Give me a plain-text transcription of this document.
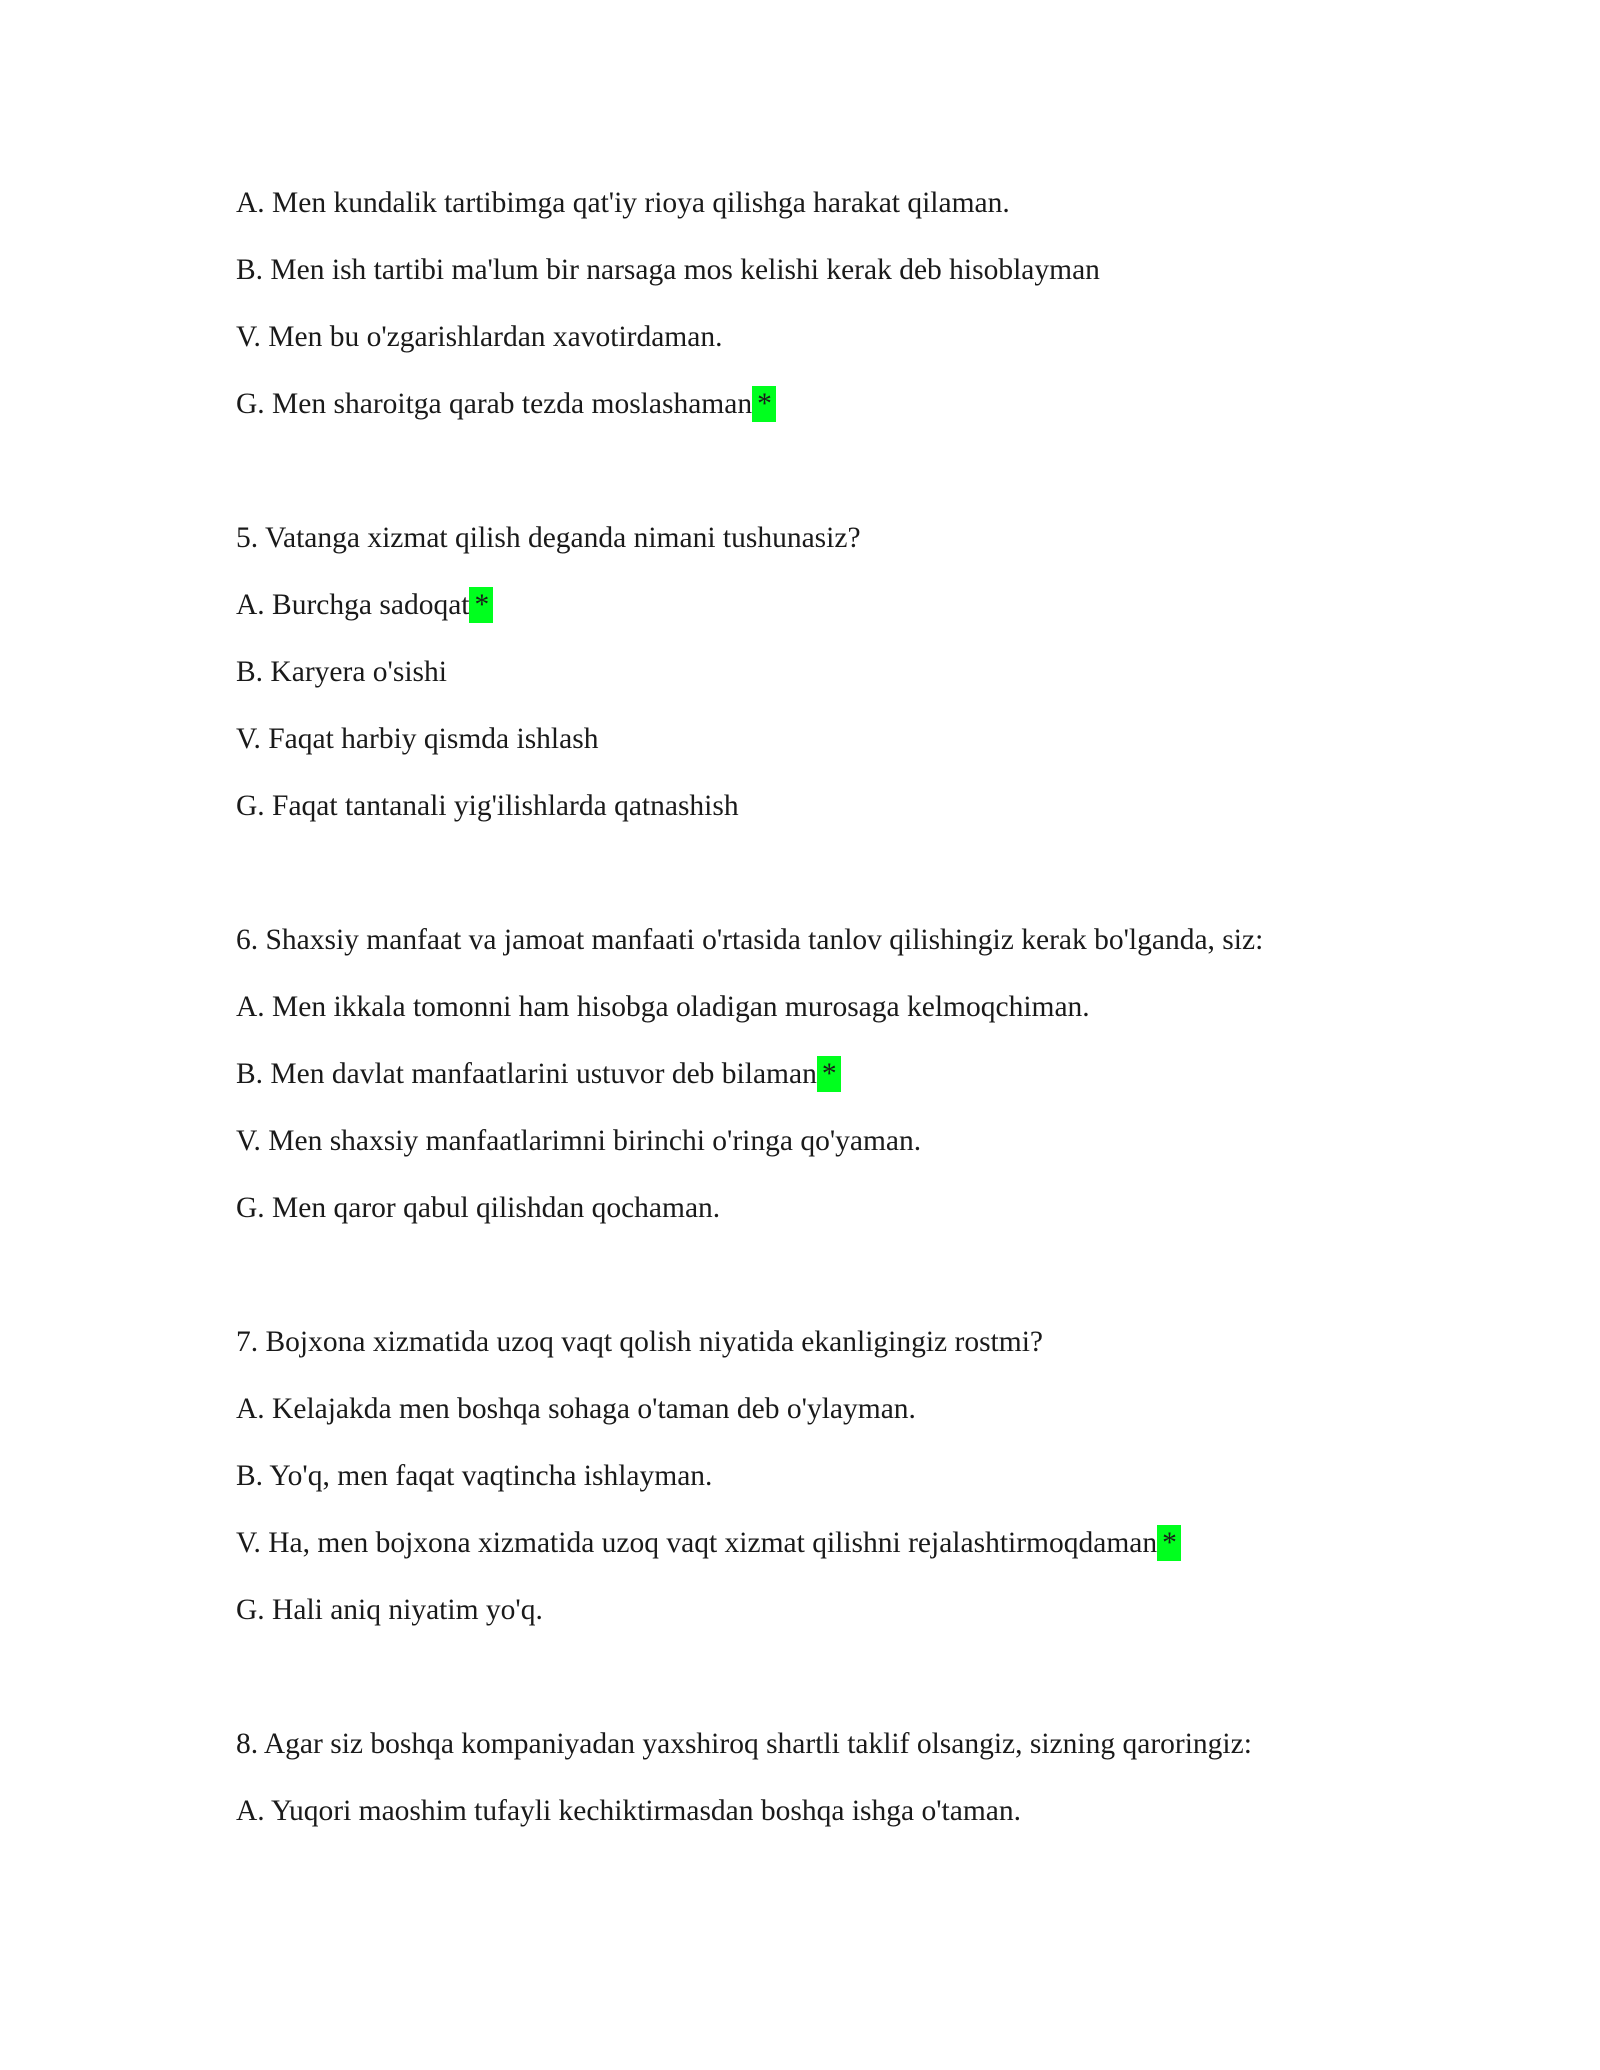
A. Men kundalik tartibimga qat'iy rioya qilishga harakat qilaman.
B. Men ish tartibi ma'lum bir narsaga mos kelishi kerak deb hisoblayman
V. Men bu o'zgarishlardan xavotirdaman.
G. Men sharoitga qarab tezda moslashaman *
5. Vatanga xizmat qilish deganda nimani tushunasiz?
A. Burchga sadoqat *
B. Karyera o'sishi
V. Faqat harbiy qismda ishlash
G. Faqat tantanali yig'ilishlarda qatnashish
6. Shaxsiy manfaat va jamoat manfaati o'rtasida tanlov qilishingiz kerak bo'lganda, siz:
A. Men ikkala tomonni ham hisobga oladigan murosaga kelmoqchiman.
B. Men davlat manfaatlarini ustuvor deb bilaman *
V. Men shaxsiy manfaatlarimni birinchi o'ringa qo'yaman.
G. Men qaror qabul qilishdan qochaman.
7. Bojxona xizmatida uzoq vaqt qolish niyatida ekanligingiz rostmi?
A. Kelajakda men boshqa sohaga o'taman deb o'ylayman.
B. Yo'q, men faqat vaqtincha ishlayman.
V. Ha, men bojxona xizmatida uzoq vaqt xizmat qilishni rejalashtirmoqdaman *
G. Hali aniq niyatim yo'q.
8. Agar siz boshqa kompaniyadan yaxshiroq shartli taklif olsangiz, sizning qaroringiz:
A. Yuqori maoshim tufayli kechiktirmasdan boshqa ishga o'taman.
